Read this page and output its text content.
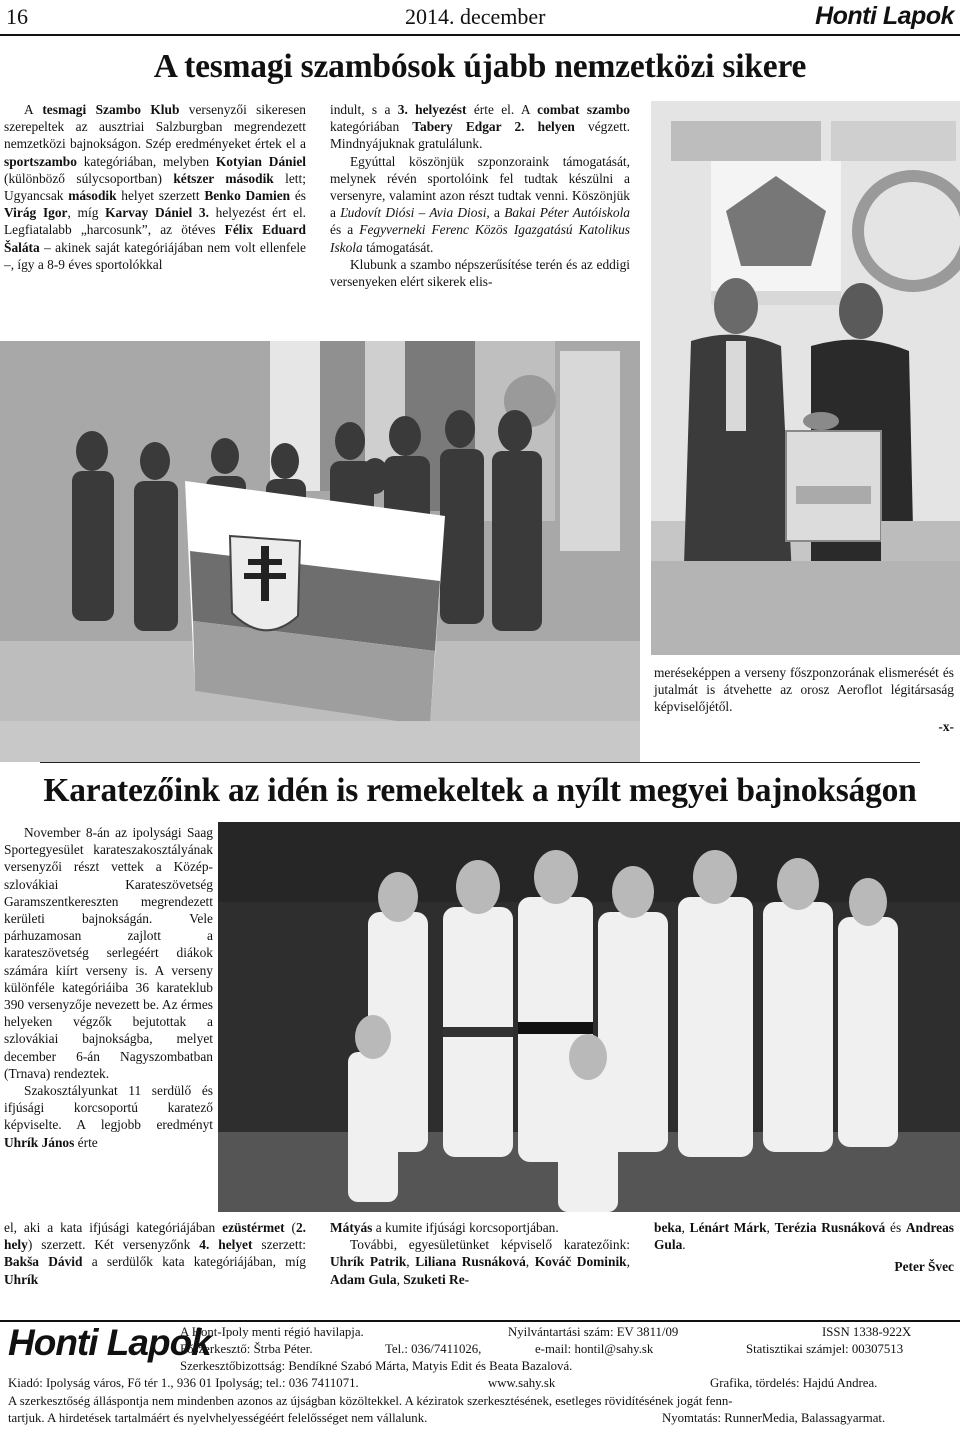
16	2014. december	Honti Lapok
A tesmagi szambósok újabb nemzetközi sikere

A tesmagi Szambo Klub versenyzői sikeresen szerepeltek az ausztriai Salzburgban megrendezett nemzetközi bajnokságon. Szép eredményeket értek el a sportszambo kategóriában, melyben Kotyian Dániel (különböző súlycsoportban) kétszer második lett; Ugyancsak második helyet szerzett Benko Damien és Virág Igor, míg Karvay Dániel 3. helyezést ért el. Legfiatalabb „harcosunk”, az ötéves Félix Eduard Šaláta – akinek saját kategóriájában nem volt ellenfele –, így a 8-9 éves sportolókkal

indult, s a 3. helyezést érte el. A combat szambo kategóriában Tabery Edgar 2. helyen végzett. Mindnyájuknak gratulálunk.

Egyúttal köszönjük szponzoraink támogatását, melynek révén sportolóink fel tudtak készülni a versenyre, valamint azon részt tudtak venni. Köszönjük a Ľudovít Diósi – Avia Diosi, a Bakai Péter Autóiskola és a Fegyverneki Ferenc Közös Igazgatású Katolikus Iskola támogatását.

Klubunk a szambo népszerűsítése terén és az eddigi versenyeken elért sikerek elis-

meréseképpen a verseny főszponzorának elismerését és jutalmát is átvehette az orosz Aeroflot légitársaság képviselőjétől.

-x-
Karatezőink az idén is remekeltek a nyílt megyei bajnokságon

November 8-án az ipolysági Saag Sportegyesület karateszakosztályának versenyzői részt vettek a Közép-szlovákiai Karateszövetség Garamszentkereszten megrendezett kerületi bajnokságán. Vele párhuzamosan zajlott a karateszövetség serlegéért diákok számára kiírt verseny is. A verseny különféle kategóriáiba 36 karateklub 390 versenyzője nevezett be. Az érmes helyeken végzők bejutottak a szlovákiai bajnokságba, melyet december 6-án Nagyszombatban (Trnava) rendeztek.

Szakosztályunkat 11 serdülő és ifjúsági korcsoportú karatező képviselte. A legjobb eredményt Uhrík János érte

el, aki a kata ifjúsági kategóriájában ezüstérmet (2. hely) szerzett. Két versenyzőnk 4. helyet szerzett: Bakša Dávid a serdülők kata kategóriájában, míg Uhrík

Mátyás a kumite ifjúsági korcsoportjában.

További, egyesületünket képviselő karatezőink: Uhrík Patrik, Liliana Rusnáková, Kováč Dominik, Adam Gula, Szuketi Re-

beka, Lénárt Márk, Terézia Rusnáková és Andreas Gula.

Peter Švec
Honti Lapok
A Hont-Ipoly menti régió havilapja.	Nyilvántartási szám: EV 3811/09	ISSN 1338-922X
Főszerkesztő: Štrba Péter.	Tel.: 036/7411026,	e-mail: hontil@sahy.sk	Statisztikai számjel: 00307513
Szerkesztőbizottság: Bendíkné Szabó Márta, Matyis Edit és Beata Bazalová.
Kiadó: Ipolyság város, Fő tér 1., 936 01 Ipolyság; tel.: 036 7411071.	www.sahy.sk	Grafika, tördelés: Hajdú Andrea.
A szerkesztőség álláspontja nem mindenben azonos az újságban közöltekkel. A kéziratok szerkesztésének, esetleges rövidítésének jogát fenn-
tartjuk. A hirdetések tartalmáért és nyelvhelyességéért felelősséget nem vállalunk.	Nyomtatás: RunnerMedia, Balassagyarmat.
